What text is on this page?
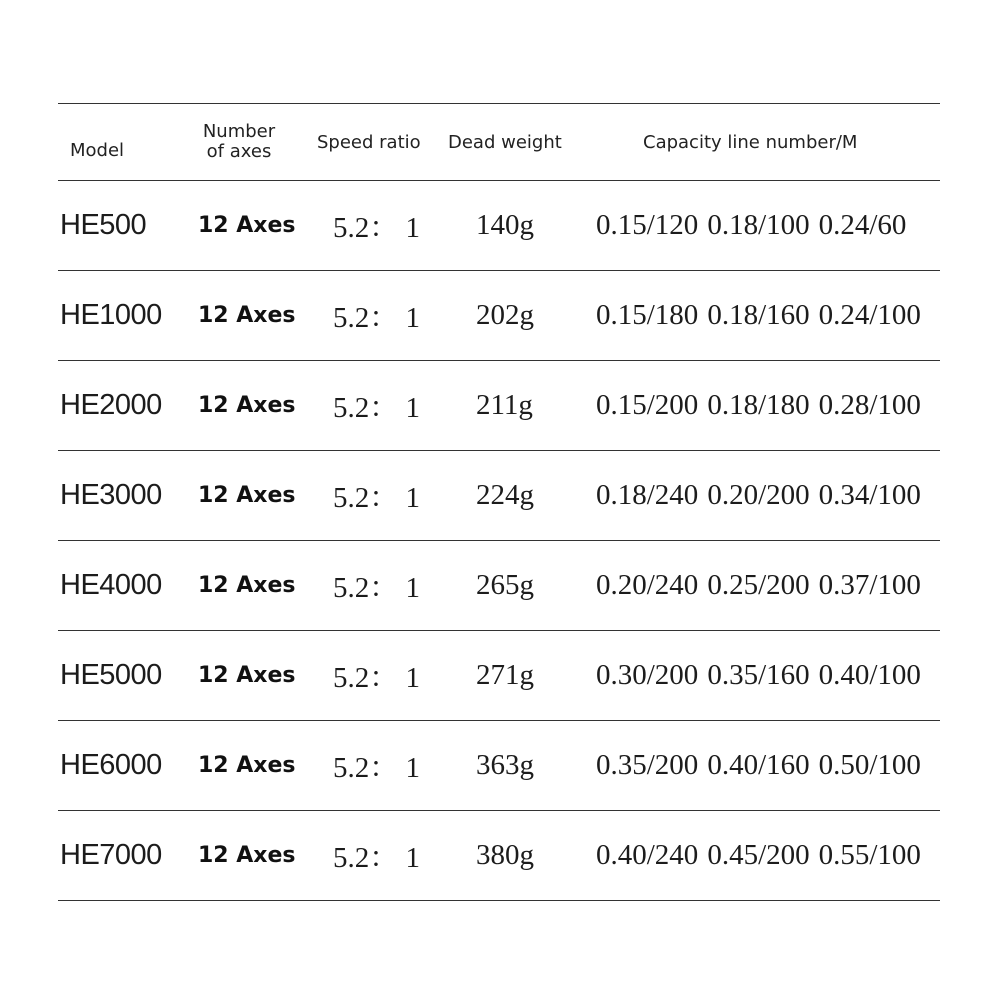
Model
Number
of axes	Speed ratio Dead weight	Capacity line number/M
HE500 12 Axes 5.2： 1 140g 0.15/120 0.18/100 0.24/60
HE1000 12 Axes 5.2： 1 202g 0.15/180 0.18/160 0.24/100
HE2000 12 Axes 5.2： 1 211g 0.15/200 0.18/180 0.28/100
HE3000 12 Axes 5.2： 1 224g 0.18/240 0.20/200 0.34/100
HE4000 12 Axes 5.2： 1 265g 0.20/240 0.25/200 0.37/100
HE5000 12 Axes 5.2： 1 271g 0.30/200 0.35/160 0.40/100
HE6000 12 Axes 5.2： 1 363g 0.35/200 0.40/160 0.50/100
HE7000 12 Axes 5.2： 1 380g 0.40/240 0.45/200 0.55/100
